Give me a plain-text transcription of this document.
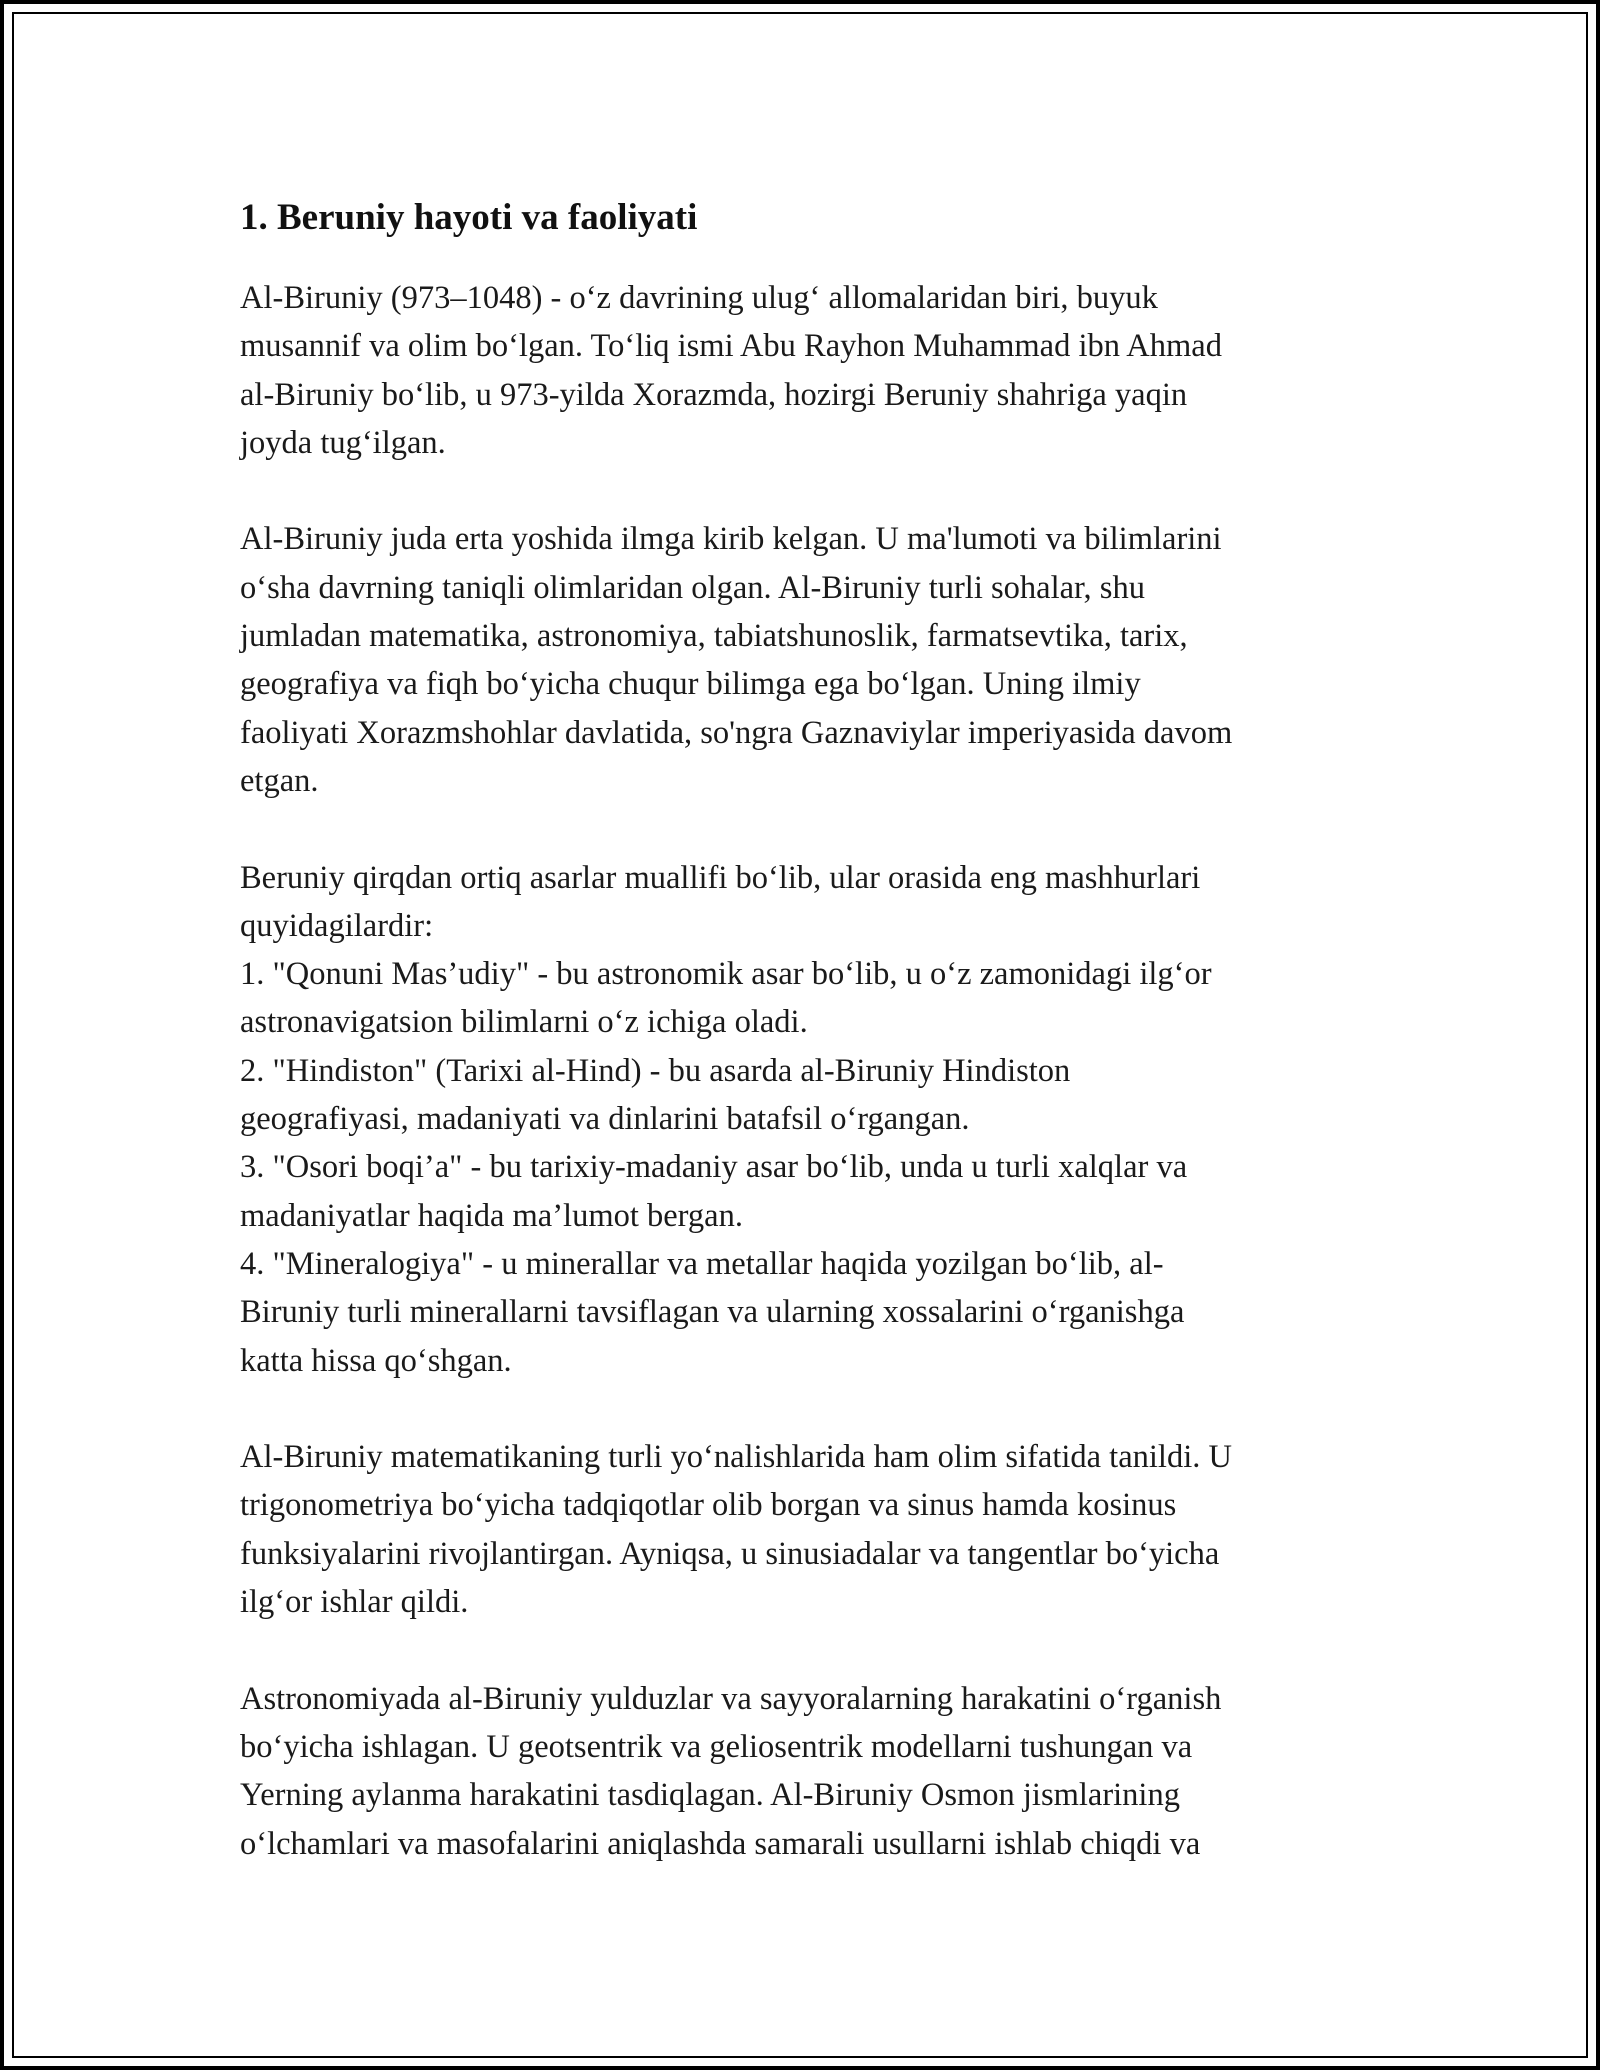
1. Beruniy hayoti va faoliyati
Al-Biruniy (973–1048) - o‘z davrining ulug‘ allomalaridan biri, buyuk
musannif va olim bo‘lgan. To‘liq ismi Abu Rayhon Muhammad ibn Ahmad
al-Biruniy bo‘lib, u 973-yilda Xorazmda, hozirgi Beruniy shahriga yaqin
joyda tug‘ilgan.
Al-Biruniy juda erta yoshida ilmga kirib kelgan. U ma'lumoti va bilimlarini
o‘sha davrning taniqli olimlaridan olgan. Al-Biruniy turli sohalar, shu
jumladan matematika, astronomiya, tabiatshunoslik, farmatsevtika, tarix,
geografiya va fiqh bo‘yicha chuqur bilimga ega bo‘lgan. Uning ilmiy
faoliyati Xorazmshohlar davlatida, so'ngra Gaznaviylar imperiyasida davom
etgan.
Beruniy qirqdan ortiq asarlar muallifi bo‘lib, ular orasida eng mashhurlari
quyidagilardir:
1. "Qonuni Mas’udiy" - bu astronomik asar bo‘lib, u o‘z zamonidagi ilg‘or
astronavigatsion bilimlarni o‘z ichiga oladi.
2. "Hindiston" (Tarixi al-Hind) - bu asarda al-Biruniy Hindiston
geografiyasi, madaniyati va dinlarini batafsil o‘rgangan.
3. "Osori boqi’a" - bu tarixiy-madaniy asar bo‘lib, unda u turli xalqlar va
madaniyatlar haqida ma’lumot bergan.
4. "Mineralogiya" - u minerallar va metallar haqida yozilgan bo‘lib, al-
Biruniy turli minerallarni tavsiflagan va ularning xossalarini o‘rganishga
katta hissa qo‘shgan.
Al-Biruniy matematikaning turli yo‘nalishlarida ham olim sifatida tanildi. U
trigonometriya bo‘yicha tadqiqotlar olib borgan va sinus hamda kosinus
funksiyalarini rivojlantirgan. Ayniqsa, u sinusiadalar va tangentlar bo‘yicha
ilg‘or ishlar qildi.
Astronomiyada al-Biruniy yulduzlar va sayyoralarning harakatini o‘rganish
bo‘yicha ishlagan. U geotsentrik va geliosentrik modellarni tushungan va
Yerning aylanma harakatini tasdiqlagan. Al-Biruniy Osmon jismlarining
o‘lchamlari va masofalarini aniqlashda samarali usullarni ishlab chiqdi va
